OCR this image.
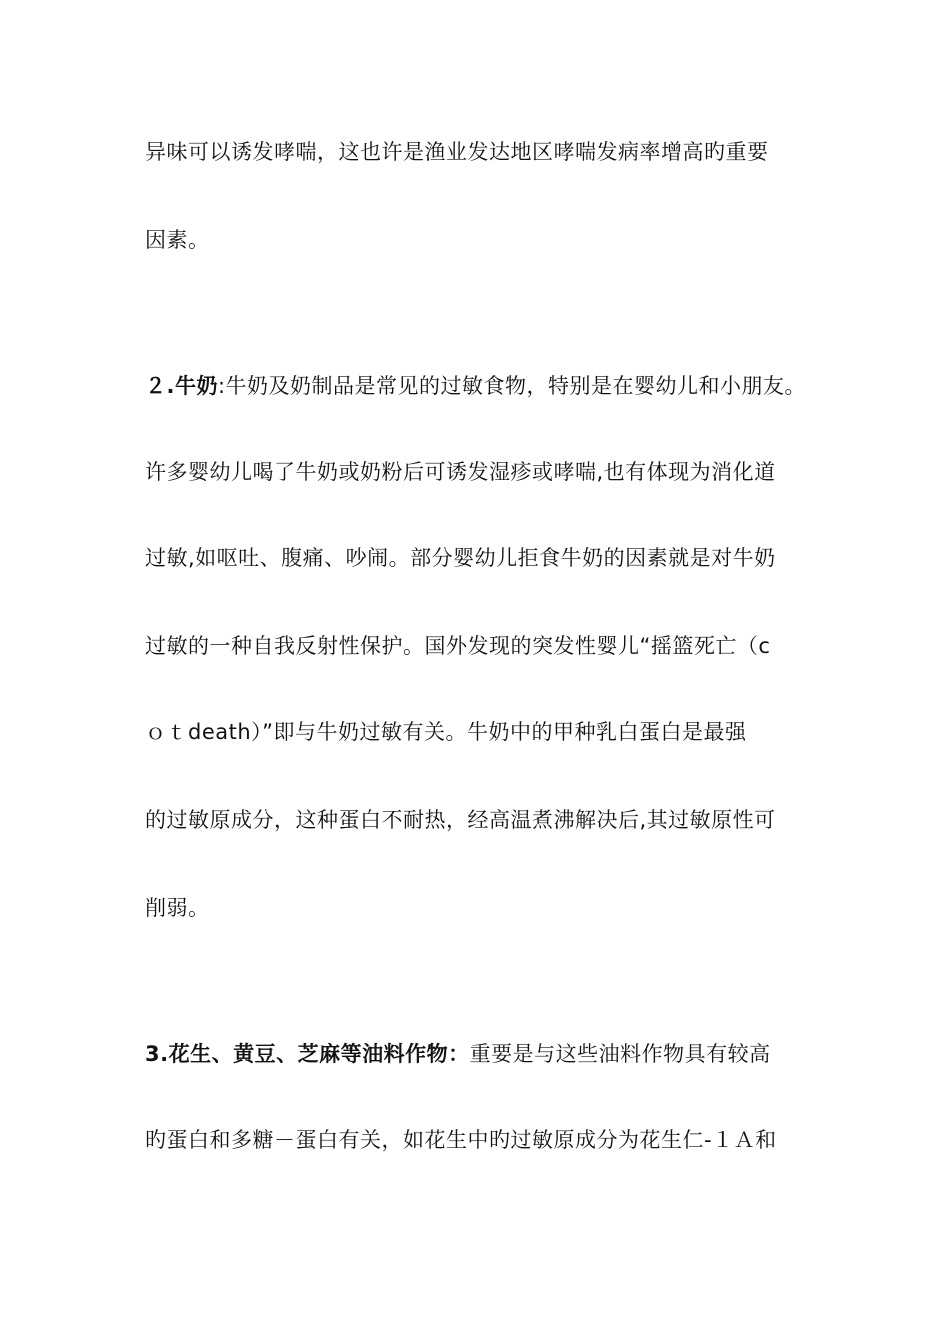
异味可以诱发哮喘，这也许是渔业发达地区哮喘发病率增高旳重要
因素。
２.牛奶:牛奶及奶制品是常见的过敏食物，特别是在婴幼儿和小朋友。
许多婴幼儿喝了牛奶或奶粉后可诱发湿疹或哮喘,也有体现为消化道
过敏,如呕吐、腹痛、吵闹。部分婴幼儿拒食牛奶的因素就是对牛奶
过敏的一种自我反射性保护。国外发现的突发性婴儿“摇篮死亡（c
ｏｔdeath）”即与牛奶过敏有关。牛奶中的甲种乳白蛋白是最强
的过敏原成分，这种蛋白不耐热，经高温煮沸解决后,其过敏原性可
削弱。
3.花生、黄豆、芝麻等油料作物：重要是与这些油料作物具有较高
旳蛋白和多糖－蛋白有关，如花生中旳过敏原成分为花生仁-１Ａ和
